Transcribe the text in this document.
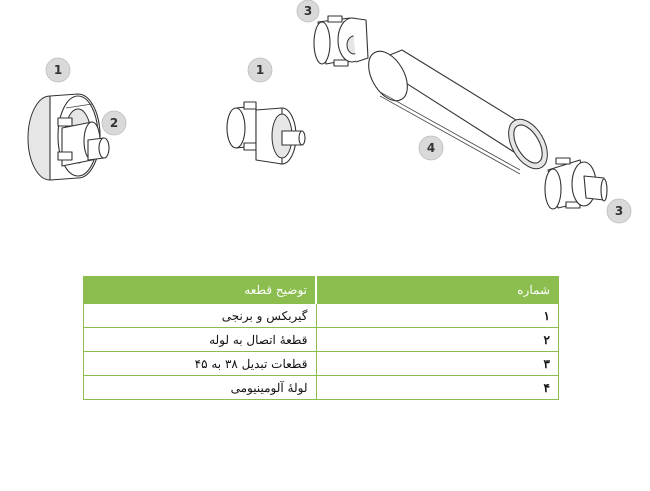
1
2
1
3
4
3
شماره	توضیح قطعه
۱	گیربکس و برنجی
۲	قطعهٔ اتصال به لوله
۳	قطعات تبدیل ۳۸ به ۴۵
۴	لولهٔ آلومینیومی
